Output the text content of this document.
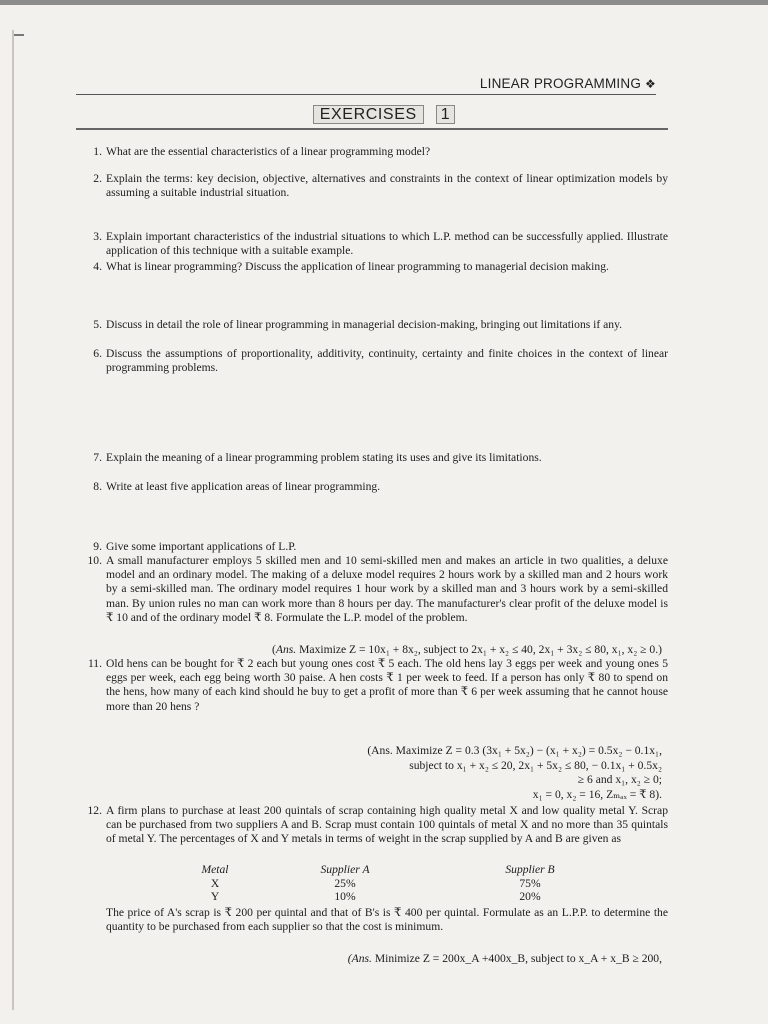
LINEAR PROGRAMMING ❖
EXERCISES 1
1. What are the essential characteristics of a linear programming model?
2. Explain the terms: key decision, objective, alternatives and constraints in the context of linear optimization models by assuming a suitable industrial situation.
3. Explain important characteristics of the industrial situations to which L.P. method can be successfully applied. Illustrate application of this technique with a suitable example.
4. What is linear programming? Discuss the application of linear programming to managerial decision making.
5. Discuss in detail the role of linear programming in managerial decision-making, bringing out limitations if any.
6. Discuss the assumptions of proportionality, additivity, continuity, certainty and finite choices in the context of linear programming problems.
7. Explain the meaning of a linear programming problem stating its uses and give its limitations.
8. Write at least five application areas of linear programming.
9. Give some important applications of L.P.
10. A small manufacturer employs 5 skilled men and 10 semi-skilled men and makes an article in two qualities, a deluxe model and an ordinary model. The making of a deluxe model requires 2 hours work by a skilled man and 2 hours work by a semi-skilled man. The ordinary model requires 1 hour work by a skilled man and 3 hours work by a semi-skilled man. By union rules no man can work more than 8 hours per day. The manufacturer's clear profit of the deluxe model is ₹ 10 and of the ordinary model ₹ 8. Formulate the L.P. model of the problem.
(Ans. Maximize Z = 10x₁ + 8x₂, subject to 2x₁ + x₂ ≤ 40, 2x₁ + 3x₂ ≤ 80, x₁, x₂ ≥ 0.)
11. Old hens can be bought for ₹ 2 each but young ones cost ₹ 5 each. The old hens lay 3 eggs per week and young ones 5 eggs per week, each egg being worth 30 paise. A hen costs ₹ 1 per week to feed. If a person has only ₹ 80 to spend on the hens, how many of each kind should he buy to get a profit of more than ₹ 6 per week assuming that he cannot house more than 20 hens ?
(Ans. Maximize Z = 0.3 (3x₁ + 5x₂) − (x₁ + x₂) = 0.5x₂ − 0.1x₁,
subject to x₁ + x₂ ≤ 20, 2x₁ + 5x₂ ≤ 80, − 0.1x₁ + 0.5x₂
≥ 6 and x₁, x₂ ≥ 0;
x₁ = 0, x₂ = 16, Zₘₐₓ = ₹ 8).
12. A firm plans to purchase at least 200 quintals of scrap containing high quality metal X and low quality metal Y. Scrap can be purchased from two suppliers A and B. Scrap must contain 100 quintals of metal X and no more than 35 quintals of metal Y. The percentages of X and Y metals in terms of weight in the scrap supplied by A and B are given as
Metal	Supplier A	Supplier B
X	25%	75%
Y	10%	20%
The price of A's scrap is ₹ 200 per quintal and that of B's is ₹ 400 per quintal. Formulate as an L.P.P. to determine the quantity to be purchased from each supplier so that the cost is minimum.
(Ans. Minimize Z = 200x_A +400x_B, subject to x_A + x_B ≥ 200,
